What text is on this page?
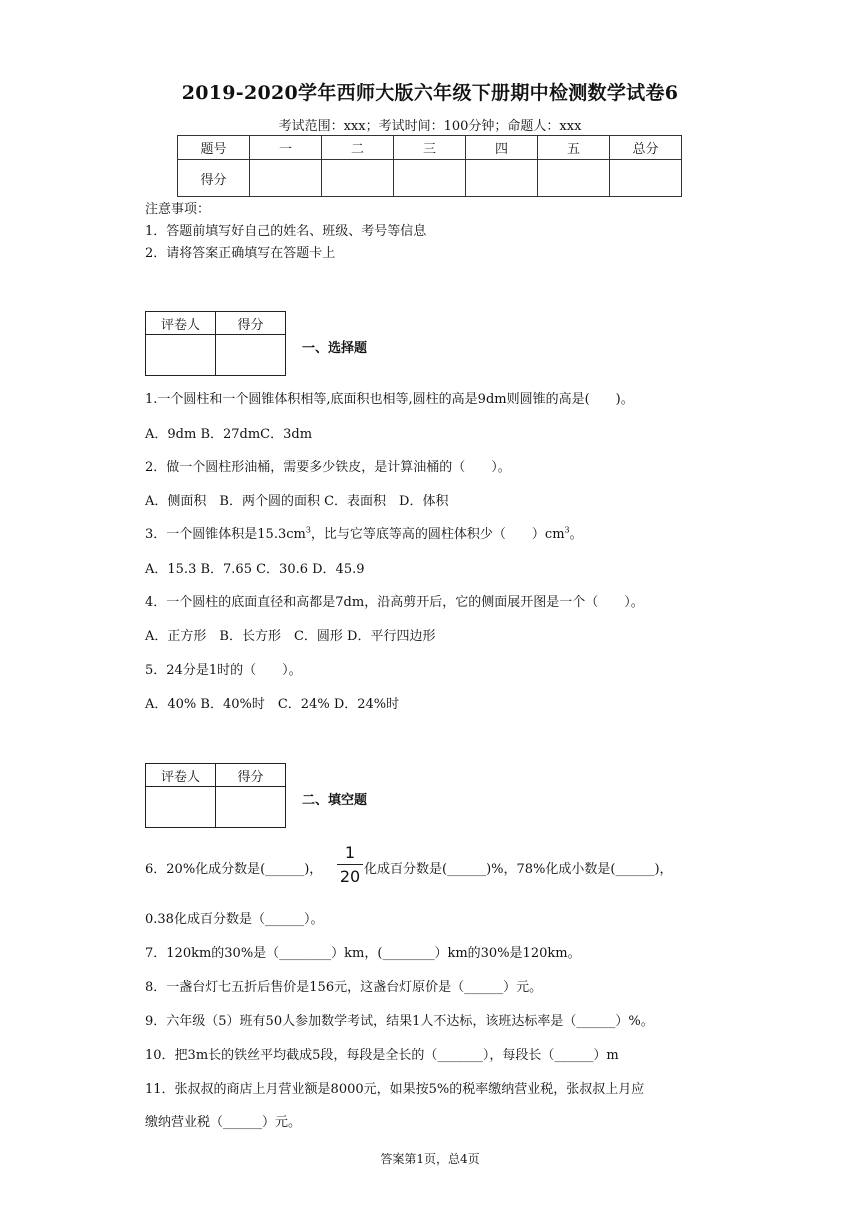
2019-2020学年西师大版六年级下册期中检测数学试卷6
考试范围：xxx；考试时间：100分钟；命题人：xxx
题号	一	二	三	四	五	总分
得分						
注意事项：
1．答题前填写好自己的姓名、班级、考号等信息
2．请将答案正确填写在答题卡上
评卷人	得分

一、选择题
1.一个圆柱和一个圆锥体积相等,底面积也相等,圆柱的高是9dm则圆锥的高是(　　)。
A．9dm B．27dmC．3dm
2．做一个圆柱形油桶，需要多少铁皮，是计算油桶的（　　）。
A．侧面积　B．两个圆的面积 C．表面积　D．体积
3．一个圆锥体积是$15.3cm^3$，比与它等底等高的圆柱体积少（　　）$cm^3$。
A．15.3 B．7.65 C．30.6 D．45.9
4．一个圆柱的底面直径和高都是7dm，沿高剪开后，它的侧面展开图是一个（　　）。
A．正方形　B．长方形　C．圆形 D．平行四边形
5．24分是1时的（　　）。
A．40% B．40%时　C．24% D．24%时
评卷人	得分

二、填空题
6．20%化成分数是(______)，
1
20 化成百分数是(______)%，78%化成小数是(______)，
0.38化成百分数是（______）。
7．120km的30%是（________）km，(________）km的30%是120km。
8．一盏台灯七五折后售价是156元，这盏台灯原价是（______）元。
9．六年级（5）班有50人参加数学考试，结果1人不达标，该班达标率是（______）%。
10．把3m长的铁丝平均截成5段，每段是全长的（_______），每段长（______）m
11．张叔叔的商店上月营业额是8000元，如果按5%的税率缴纳营业税，张叔叔上月应
缴纳营业税（______）元。
答案第1页，总4页
